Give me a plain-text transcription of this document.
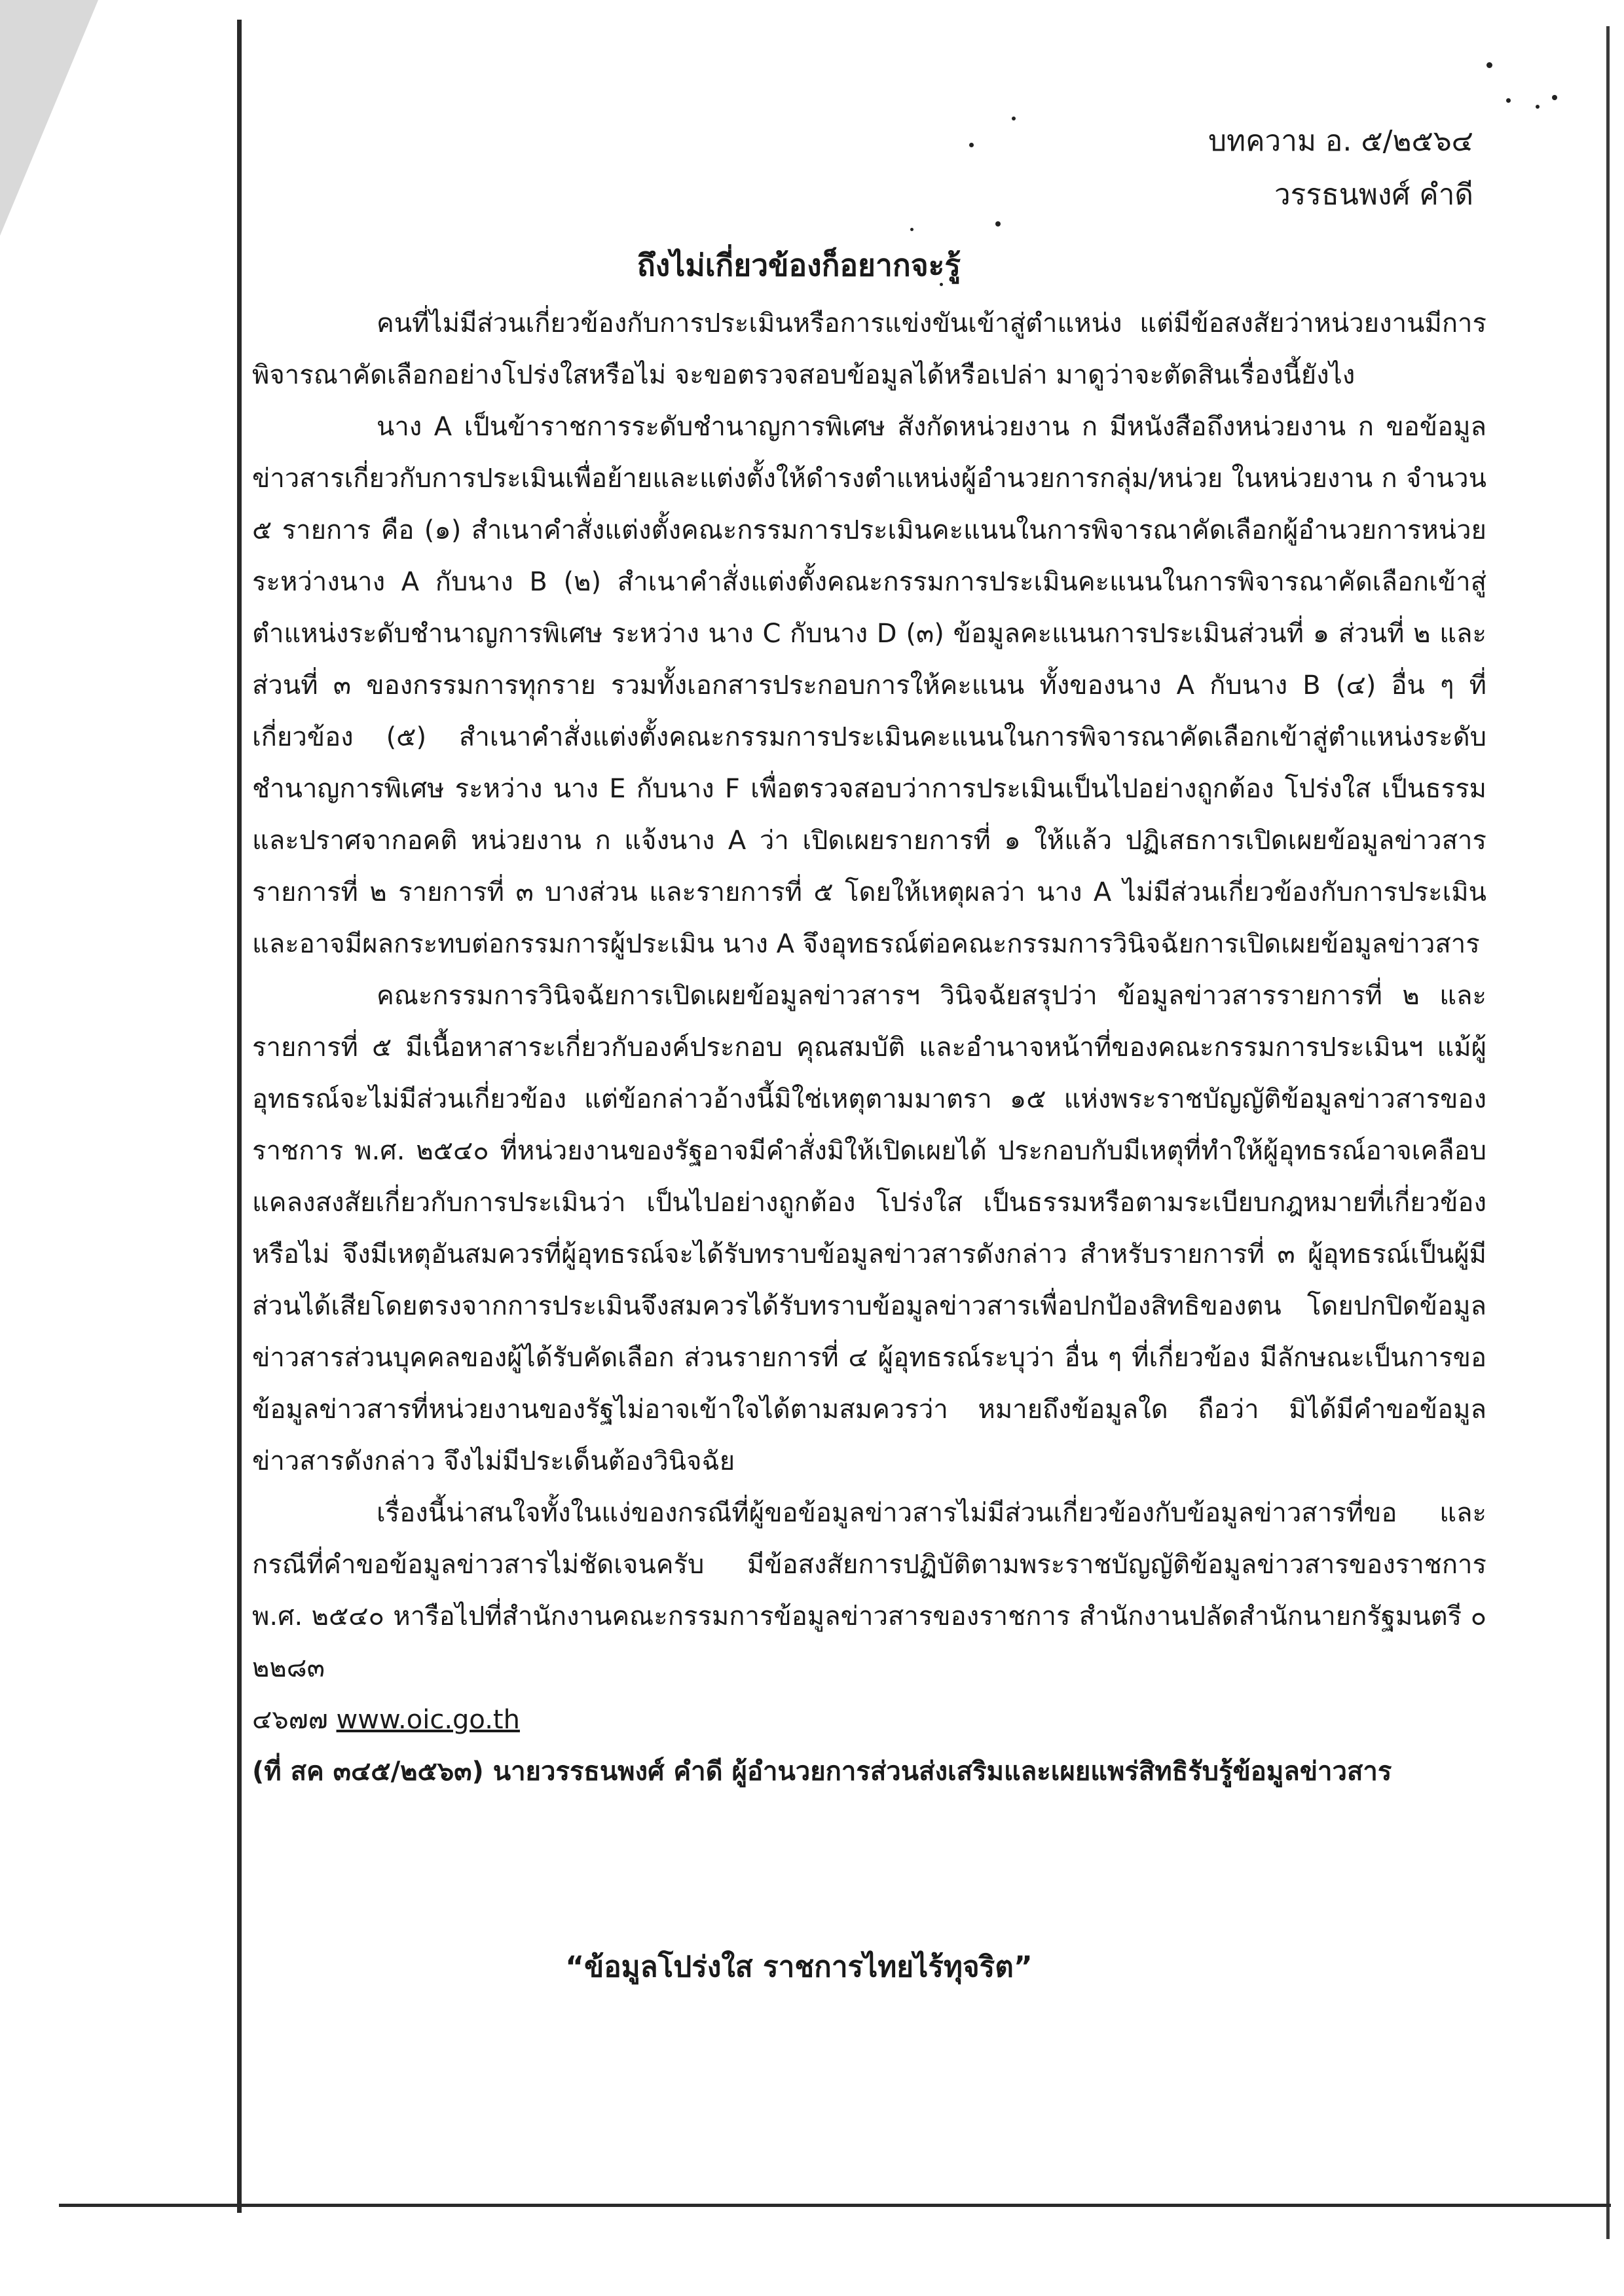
บทความ อ. ๕/๒๕๖๔
วรรธนพงศ์ คำดี
ถึงไม่เกี่ยวข้องก็อยากจะรู้

คนที่ไม่มีส่วนเกี่ยวข้องกับการประเมินหรือการแข่งขันเข้าสู่ตำแหน่ง แต่มีข้อสงสัยว่าหน่วยงานมีการพิจารณาคัดเลือกอย่างโปร่งใสหรือไม่ จะขอตรวจสอบข้อมูลได้หรือเปล่า มาดูว่าจะตัดสินเรื่องนี้ยังไง

นาง A เป็นข้าราชการระดับชำนาญการพิเศษ สังกัดหน่วยงาน ก มีหนังสือถึงหน่วยงาน ก ขอข้อมูลข่าวสารเกี่ยวกับการประเมินเพื่อย้ายและแต่งตั้งให้ดำรงตำแหน่งผู้อำนวยการกลุ่ม/หน่วย ในหน่วยงาน ก จำนวน ๕ รายการ คือ (๑) สำเนาคำสั่งแต่งตั้งคณะกรรมการประเมินคะแนนในการพิจารณาคัดเลือกผู้อำนวยการหน่วย ระหว่างนาง A กับนาง B (๒) สำเนาคำสั่งแต่งตั้งคณะกรรมการประเมินคะแนนในการพิจารณาคัดเลือกเข้าสู่ตำแหน่งระดับชำนาญการพิเศษ ระหว่าง นาง C กับนาง D (๓) ข้อมูลคะแนนการประเมินส่วนที่ ๑ ส่วนที่ ๒ และส่วนที่ ๓ ของกรรมการทุกราย รวมทั้งเอกสารประกอบการให้คะแนน ทั้งของนาง A กับนาง B (๔) อื่น ๆ ที่เกี่ยวข้อง (๕) สำเนาคำสั่งแต่งตั้งคณะกรรมการประเมินคะแนนในการพิจารณาคัดเลือกเข้าสู่ตำแหน่งระดับชำนาญการพิเศษ ระหว่าง นาง E กับนาง F เพื่อตรวจสอบว่าการประเมินเป็นไปอย่างถูกต้อง โปร่งใส เป็นธรรมและปราศจากอคติ หน่วยงาน ก แจ้งนาง A ว่า เปิดเผยรายการที่ ๑ ให้แล้ว ปฏิเสธการเปิดเผยข้อมูลข่าวสารรายการที่ ๒ รายการที่ ๓ บางส่วน และรายการที่ ๕ โดยให้เหตุผลว่า นาง A ไม่มีส่วนเกี่ยวข้องกับการประเมิน และอาจมีผลกระทบต่อกรรมการผู้ประเมิน นาง A จึงอุทธรณ์ต่อคณะกรรมการวินิจฉัยการเปิดเผยข้อมูลข่าวสาร

คณะกรรมการวินิจฉัยการเปิดเผยข้อมูลข่าวสารฯ วินิจฉัยสรุปว่า ข้อมูลข่าวสารรายการที่ ๒ และรายการที่ ๕ มีเนื้อหาสาระเกี่ยวกับองค์ประกอบ คุณสมบัติ และอำนาจหน้าที่ของคณะกรรมการประเมินฯ แม้ผู้อุทธรณ์จะไม่มีส่วนเกี่ยวข้อง แต่ข้อกล่าวอ้างนี้มิใช่เหตุตามมาตรา ๑๕ แห่งพระราชบัญญัติข้อมูลข่าวสารของราชการ พ.ศ. ๒๕๔๐ ที่หน่วยงานของรัฐอาจมีคำสั่งมิให้เปิดเผยได้ ประกอบกับมีเหตุที่ทำให้ผู้อุทธรณ์อาจเคลือบแคลงสงสัยเกี่ยวกับการประเมินว่า เป็นไปอย่างถูกต้อง โปร่งใส เป็นธรรมหรือตามระเบียบกฎหมายที่เกี่ยวข้องหรือไม่ จึงมีเหตุอันสมควรที่ผู้อุทธรณ์จะได้รับทราบข้อมูลข่าวสารดังกล่าว สำหรับรายการที่ ๓ ผู้อุทธรณ์เป็นผู้มีส่วนได้เสียโดยตรงจากการประเมินจึงสมควรได้รับทราบข้อมูลข่าวสารเพื่อปกป้องสิทธิของตน โดยปกปิดข้อมูลข่าวสารส่วนบุคคลของผู้ได้รับคัดเลือก ส่วนรายการที่ ๔ ผู้อุทธรณ์ระบุว่า อื่น ๆ ที่เกี่ยวข้อง มีลักษณะเป็นการขอข้อมูลข่าวสารที่หน่วยงานของรัฐไม่อาจเข้าใจได้ตามสมควรว่า หมายถึงข้อมูลใด ถือว่า มิได้มีคำขอข้อมูลข่าวสารดังกล่าว จึงไม่มีประเด็นต้องวินิจฉัย

เรื่องนี้น่าสนใจทั้งในแง่ของกรณีที่ผู้ขอข้อมูลข่าวสารไม่มีส่วนเกี่ยวข้องกับข้อมูลข่าวสารที่ขอ และกรณีที่คำขอข้อมูลข่าวสารไม่ชัดเจนครับ มีข้อสงสัยการปฏิบัติตามพระราชบัญญัติข้อมูลข่าวสารของราชการ พ.ศ. ๒๕๔๐ หารือไปที่สำนักงานคณะกรรมการข้อมูลข่าวสารของราชการ สำนักงานปลัดสำนักนายกรัฐมนตรี ๐ ๒๒๘๓

๔๖๗๗ www.oic.go.th

(ที่ สค ๓๔๕/๒๕๖๓) นายวรรธนพงศ์ คำดี ผู้อำนวยการส่วนส่งเสริมและเผยแพร่สิทธิรับรู้ข้อมูลข่าวสาร

“ข้อมูลโปร่งใส ราชการไทยไร้ทุจริต”
